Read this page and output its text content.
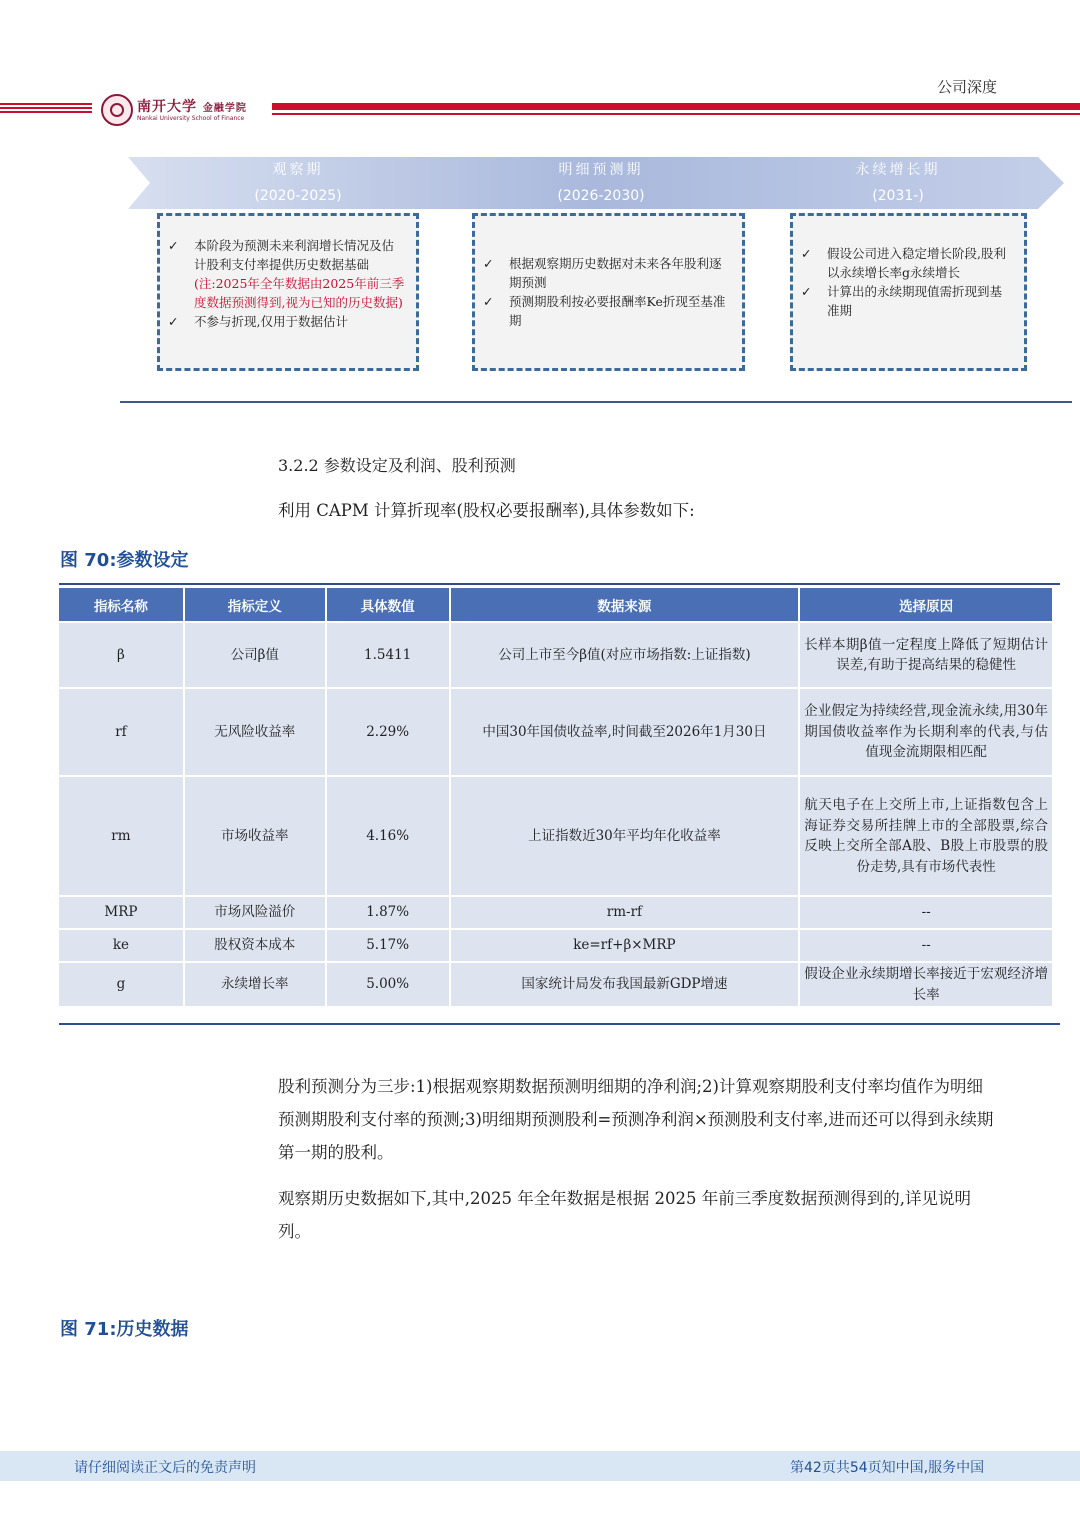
公司深度
南开大学 金融学院
Nankai University School of Finance
观察期
(2020-2025)
明细预测期
(2026-2030)
永续增长期
(2031-)
✓	本阶段为预测未来利润增长情况及估计股利支付率提供历史数据基础(注:2025年全年数据由2025年前三季度数据预测得到,视为已知的历史数据)
✓	不参与折现,仅用于数据估计
✓	根据观察期历史数据对未来各年股利逐期预测
✓	预测期股利按必要报酬率Ke折现至基准期
✓	假设公司进入稳定增长阶段,股利以永续增长率g永续增长
✓	计算出的永续期现值需折现到基准期
3.2.2 参数设定及利润、股利预测
利用 CAPM 计算折现率(股权必要报酬率),具体参数如下:
图 70:参数设定
指标名称	指标定义	具体数值	数据来源	选择原因
β	公司β值	1.5411	公司上市至今β值(对应市场指数:上证指数)	长样本期β值一定程度上降低了短期估计误差,有助于提高结果的稳健性
rf	无风险收益率	2.29%	中国30年国债收益率,时间截至2026年1月30日	企业假定为持续经营,现金流永续,用30年期国债收益率作为长期利率的代表,与估值现金流期限相匹配
rm	市场收益率	4.16%	上证指数近30年平均年化收益率	航天电子在上交所上市,上证指数包含上海证券交易所挂牌上市的全部股票,综合反映上交所全部A股、B股上市股票的股份走势,具有市场代表性
MRP	市场风险溢价	1.87%	rm-rf	--
ke	股权资本成本	5.17%	ke=rf+β×MRP	--
g	永续增长率	5.00%	国家统计局发布我国最新GDP增速	假设企业永续期增长率接近于宏观经济增长率
股利预测分为三步:1)根据观察期数据预测明细期的净利润;2)计算观察期股利支付率均值作为明细预测期股利支付率的预测;3)明细期预测股利=预测净利润×预测股利支付率,进而还可以得到永续期第一期的股利。
观察期历史数据如下,其中,2025 年全年数据是根据 2025 年前三季度数据预测得到的,详见说明列。
图 71:历史数据
请仔细阅读正文后的免责声明	第42页共54页知中国,服务中国
